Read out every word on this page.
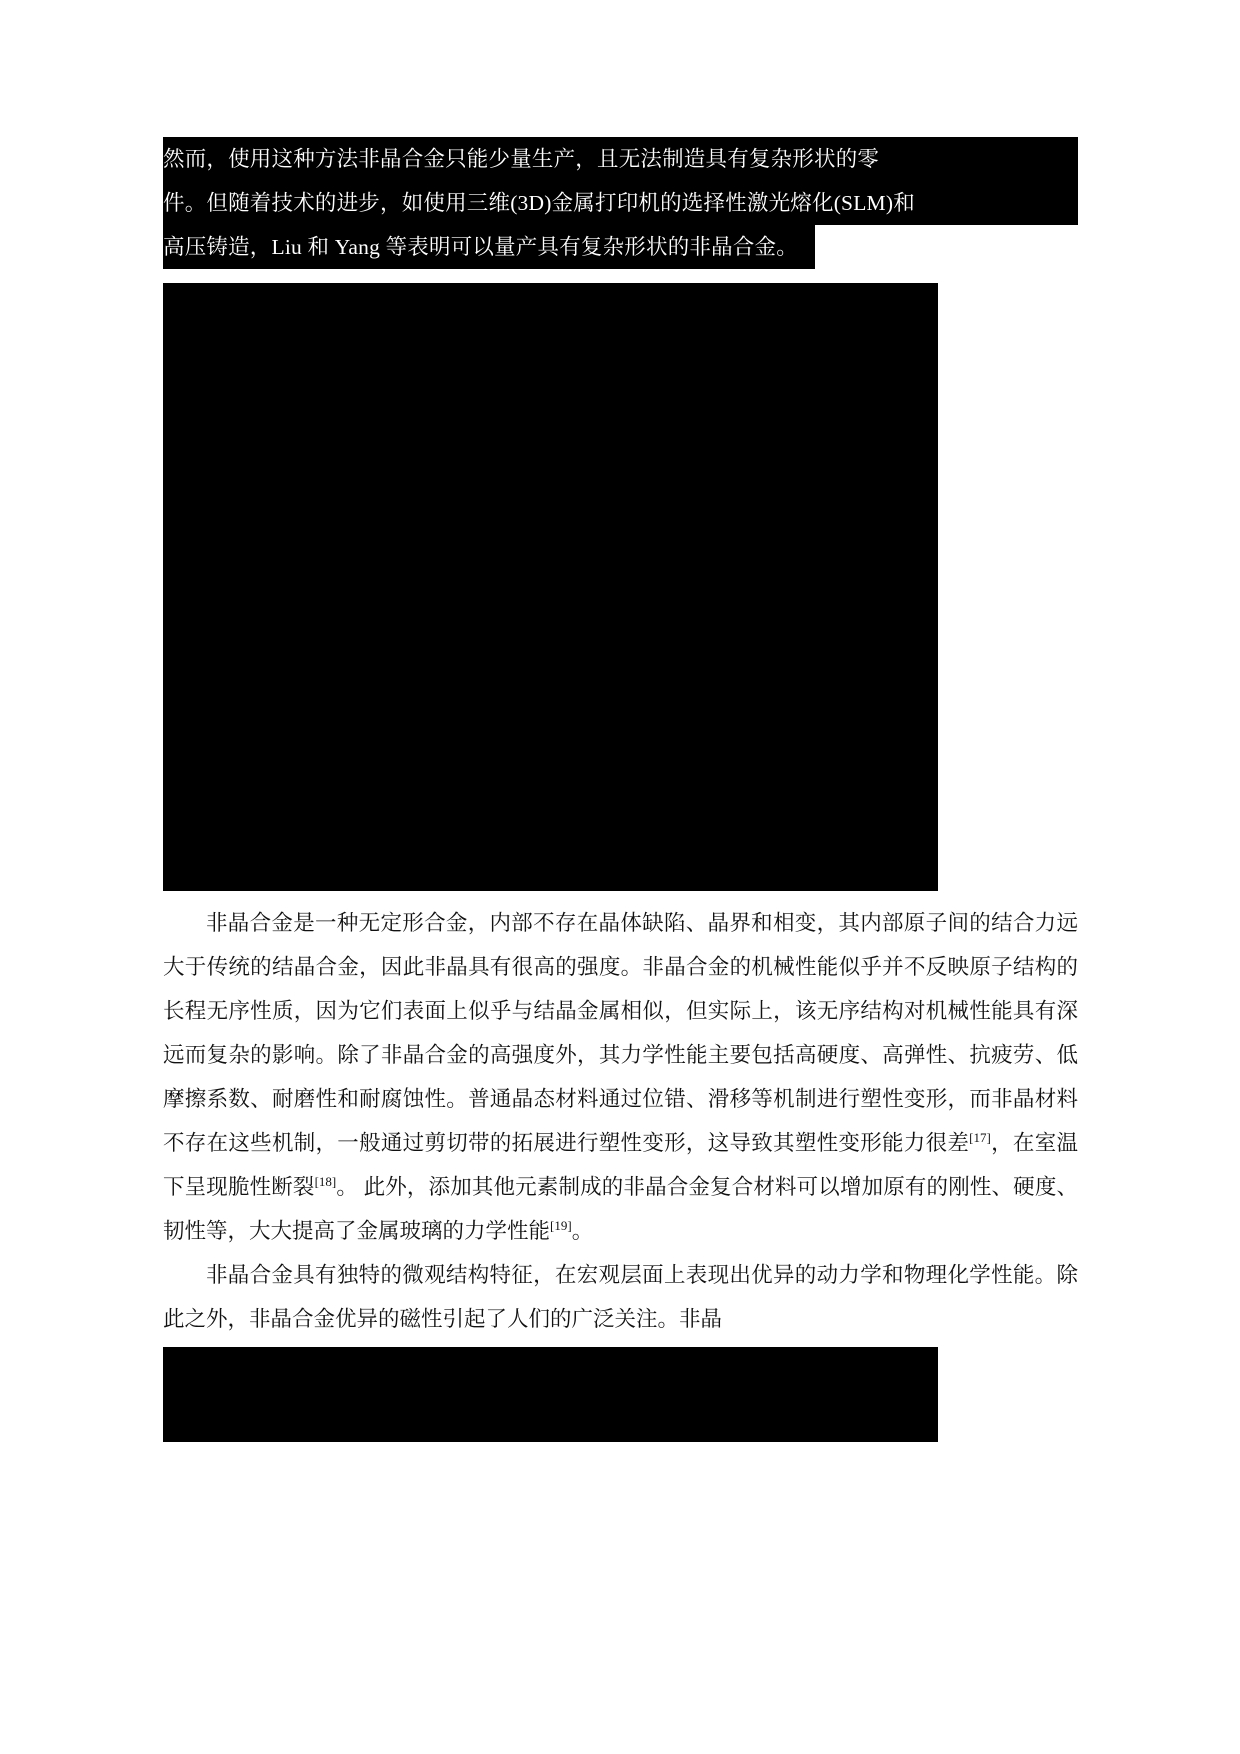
然而，使用这种方法非晶合金只能少量生产，且无法制造具有复杂形状的零
件。但随着技术的进步，如使用三维(3D)金属打印机的选择性激光熔化(SLM)和
高压铸造，Liu 和 Yang 等表明可以量产具有复杂形状的非晶合金。
非晶合金是一种无定形合金，内部不存在晶体缺陷、晶界和相变，其内部原子间的结合力远大于传统的结晶合金，因此非晶具有很高的强度。非晶合金的机械性能似乎并不反映原子结构的长程无序性质，因为它们表面上似乎与结晶金属相似，但实际上，该无序结构对机械性能具有深远而复杂的影响。除了非晶合金的高强度外，其力学性能主要包括高硬度、高弹性、抗疲劳、低摩擦系数、耐磨性和耐腐蚀性。普通晶态材料通过位错、滑移等机制进行塑性变形，而非晶材料不存在这些机制，一般通过剪切带的拓展进行塑性变形，这导致其塑性变形能力很差[17]，在室温下呈现脆性断裂[18]。 此外，添加其他元素制成的非晶合金复合材料可以增加原有的刚性、硬度、韧性等，大大提高了金属玻璃的力学性能[19]。
非晶合金具有独特的微观结构特征，在宏观层面上表现出优异的动力学和物理化学性能。除此之外，非晶合金优异的磁性引起了人们的广泛关注。非晶
